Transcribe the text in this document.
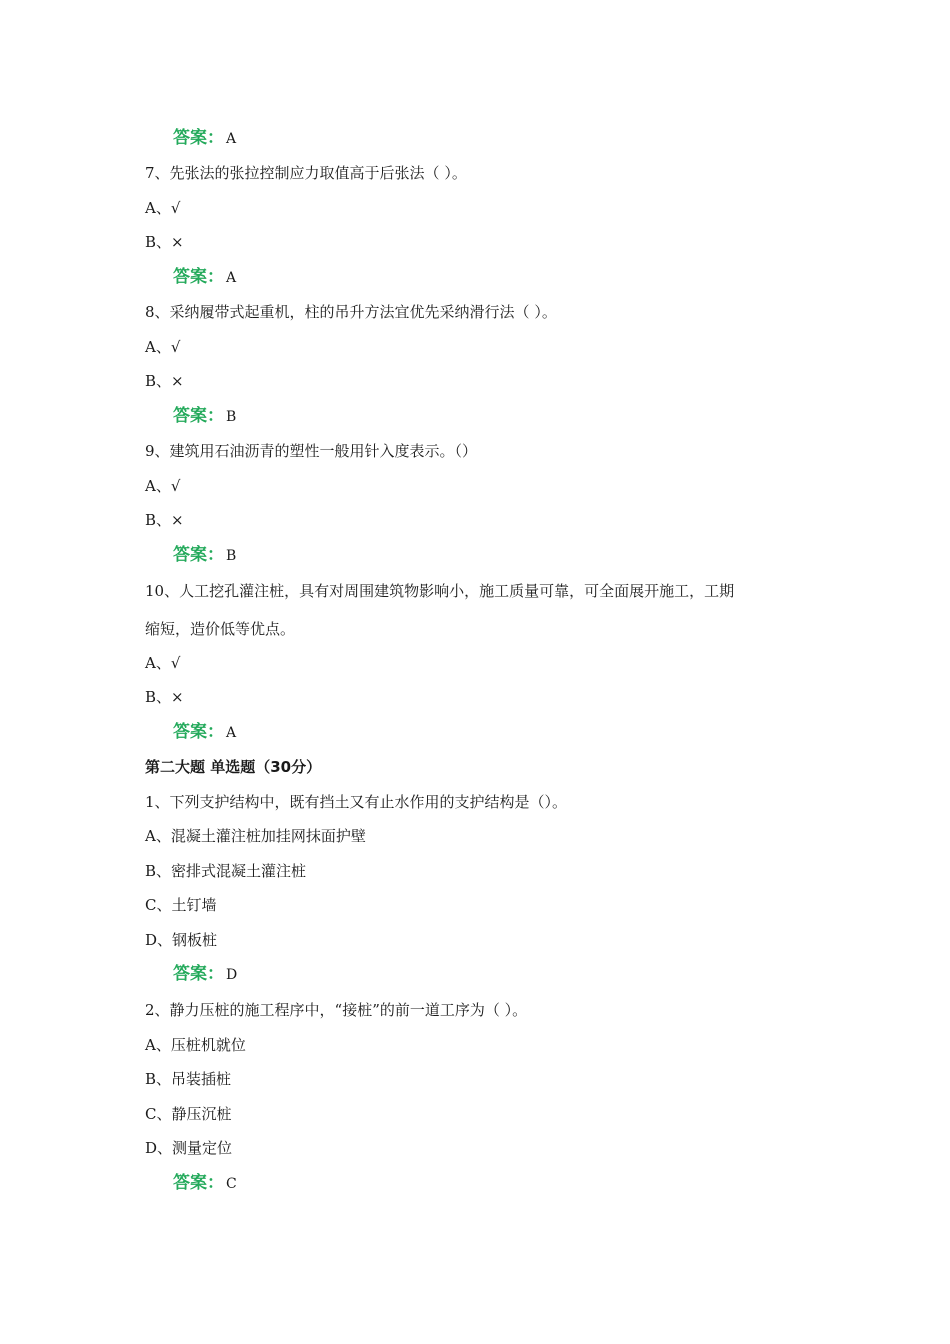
答案： A
7、先张法的张拉控制应力取值高于后张法（ ）。
A、√
B、×
答案： A
8、采纳履带式起重机，柱的吊升方法宜优先采纳滑行法（ ）。
A、√
B、×
答案： B
9、建筑用石油沥青的塑性一般用针入度表示。（）
A、√
B、×
答案： B
10、人工挖孔灌注桩，具有对周围建筑物影响小，施工质量可靠，可全面展开施工，工期
缩短，造价低等优点。
A、√
B、×
答案： A
第二大题 单选题（30分）
1、下列支护结构中，既有挡土又有止水作用的支护结构是（）。
A、混凝土灌注桩加挂网抹面护壁
B、密排式混凝土灌注桩
C、土钉墙
D、钢板桩
答案： D
2、静力压桩的施工程序中，“接桩”的前一道工序为（ ）。
A、压桩机就位
B、吊装插桩
C、静压沉桩
D、测量定位
答案： C
